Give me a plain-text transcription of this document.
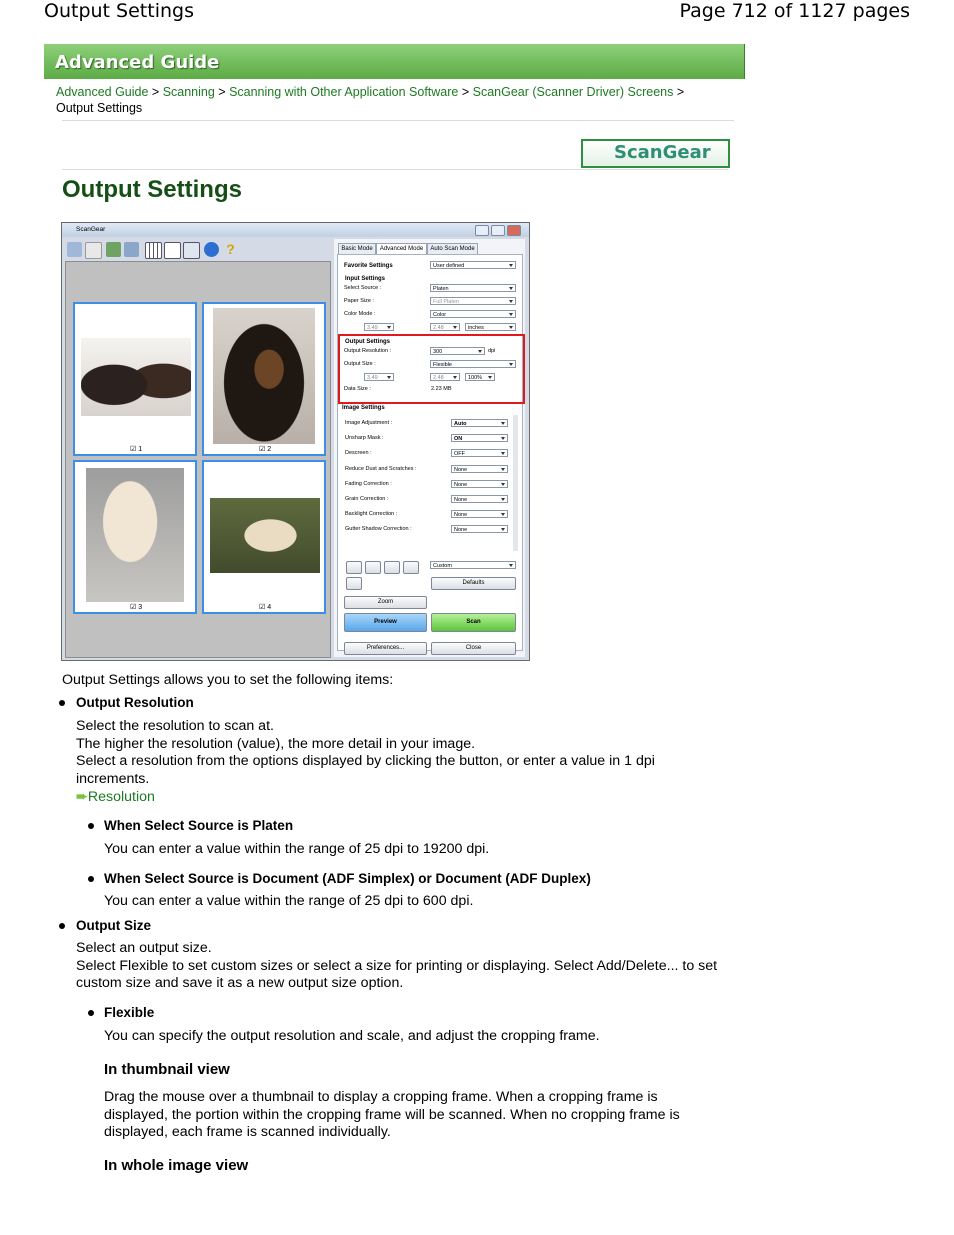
Output Settings	Page 712 of 1127 pages
Advanced Guide
Advanced Guide > Scanning > Scanning with Other Application Software > ScanGear (Scanner Driver) Screens >
Output Settings
ScanGear
Output Settings
ScanGear
?
☑ 1	☑ 2
☑ 3	☑ 4
Basic Mode	Advanced Mode	Auto Scan Mode
Favorite Settings	User defined
Input Settings
Select Source :	Platen
Paper Size :	Full Platen
Color Mode :	Color
3.49	2.48	inches
Output Settings
Output Resolution :	300	dpi
Output Size :	Flexible
3.49	2.48	100%
Data Size :	2.23 MB
Image Settings
Custom
Defaults
Zoom
Preview	Scan
Preferences...	Close
Image Adjustment :	Auto
Unsharp Mask :	ON
Descreen :	OFF
Reduce Dust and Scratches :	None
Fading Correction :	None
Grain Correction :	None
Backlight Correction :	None
Gutter Shadow Correction :	None
Output Settings allows you to set the following items:
Output Resolution
Select the resolution to scan at.
The higher the resolution (value), the more detail in your image.
Select a resolution from the options displayed by clicking the button, or enter a value in 1 dpi
increments.
➨Resolution
When Select Source is Platen
You can enter a value within the range of 25 dpi to 19200 dpi.
When Select Source is Document (ADF Simplex) or Document (ADF Duplex)
You can enter a value within the range of 25 dpi to 600 dpi.
Output Size
Select an output size.
Select Flexible to set custom sizes or select a size for printing or displaying. Select Add/Delete... to set
custom size and save it as a new output size option.
Flexible
You can specify the output resolution and scale, and adjust the cropping frame.
In thumbnail view
Drag the mouse over a thumbnail to display a cropping frame. When a cropping frame is
displayed, the portion within the cropping frame will be scanned. When no cropping frame is
displayed, each frame is scanned individually.
In whole image view
